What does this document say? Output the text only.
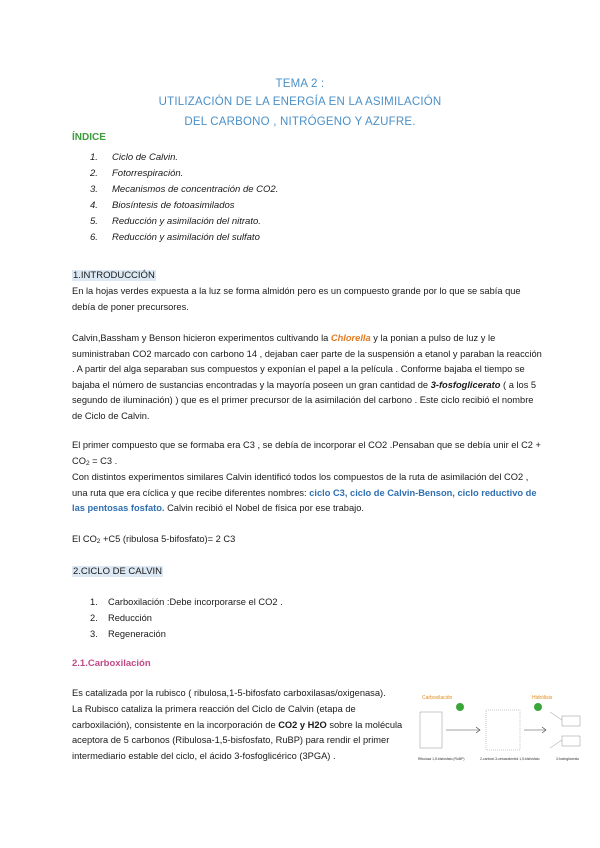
TEMA 2 :
UTILIZACIÓN DE LA ENERGÍA EN LA ASIMILACIÓN
DEL CARBONO , NITRÓGENO Y AZUFRE.
ÍNDICE
1.	Ciclo de Calvin.
2.	Fotorrespiración.
3.	Mecanismos de concentración de CO2.
4.	Biosíntesis de fotoasimilados
5.	Reducción y asimilación del nitrato.
6.	Reducción y asimilación del sulfato
1.INTRODUCCIÓN

En la hojas verdes expuesta a la luz se forma almidón pero es un compuesto grande por lo que se sabía que debía de poner precursores.

Calvin,Bassham y Benson hicieron experimentos cultivando la Chlorella y la ponian a pulso de luz y le suministraban CO2 marcado con carbono 14 , dejaban caer parte de la suspensión a etanol y paraban la reacción . A partir del alga separaban sus compuestos y exponían el papel a la película . Conforme bajaba el tiempo se bajaba el número de sustancias encontradas y la mayoría poseen un gran cantidad de 3-fosfoglicerato ( a los 5 segundo de iluminación) ) que es el primer precursor de la asimilación del carbono . Este ciclo recibió el nombre de Ciclo de Calvin.

El primer compuesto que se formaba era C3 , se debía de incorporar el CO2 .Pensaban que se debía unir el C2 + CO2 = C3 .

Con distintos experimentos similares Calvin identificó todos los compuestos de la ruta de asimilación del CO2 , una ruta que era cíclica y que recibe diferentes nombres: ciclo C3, ciclo de Calvin-Benson, ciclo reductivo de las pentosas fosfato. Calvin recibió el Nobel de física por ese trabajo.

El CO2 +C5 (ribulosa 5-bifosfato)= 2 C3

2.CICLO DE CALVIN
1.	Carboxilación :Debe incorporarse el CO2 .
2.	Reducción
3.	Regeneración
2.1.Carboxilación

Es catalizada por la rubisco ( ribulosa,1-5-bifosfato carboxilasas/oxigenasa).

La Rubisco cataliza la primera reacción del Ciclo de Calvin (etapa de carboxilación), consistente en la incorporación de CO2 y H2O sobre la molécula aceptora de 5 carbonos (Ribulosa-1,5-bisfosfato, RuBP) para rendir el primer intermediario estable del ciclo, el ácido 3-fosfoglicérico (3PGA) .

Carboxilación	Hidrólisis
Ribulosa 1,5-bisfosfato (RuBP)	2-carboxi-3-cetoarabinitol 1,5-bisfosfato	3-fosfoglicerato
